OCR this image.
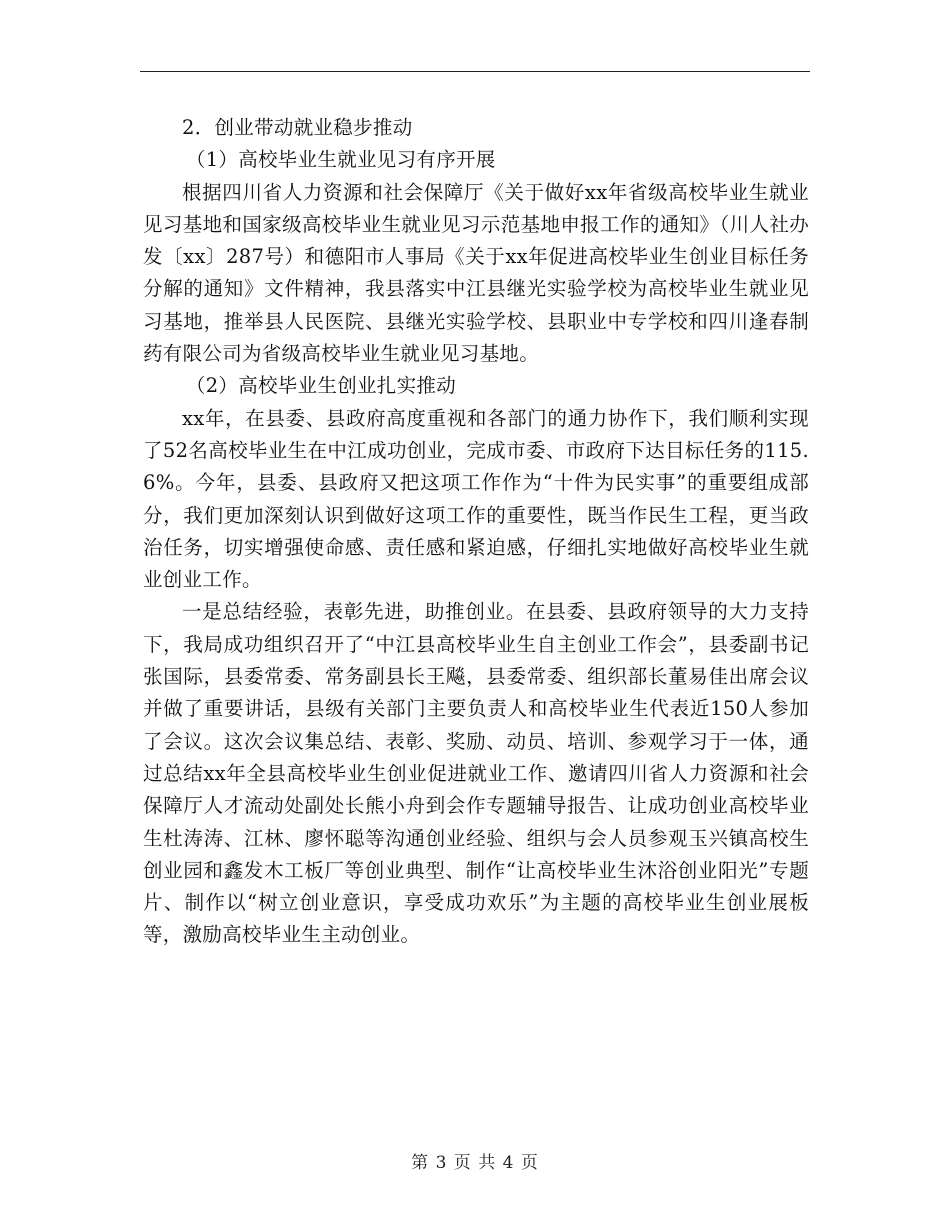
2．创业带动就业稳步推动

（1）高校毕业生就业见习有序开展

根据四川省人力资源和社会保障厅《关于做好xx年省级高校毕业生就业见习基地和国家级高校毕业生就业见习示范基地申报工作的通知》（川人社办发〔xx〕287号）和德阳市人事局《关于xx年促进高校毕业生创业目标任务分解的通知》文件精神，我县落实中江县继光实验学校为高校毕业生就业见习基地，推举县人民医院、县继光实验学校、县职业中专学校和四川逢春制药有限公司为省级高校毕业生就业见习基地。

（2）高校毕业生创业扎实推动

xx年，在县委、县政府高度重视和各部门的通力协作下，我们顺利实现了52名高校毕业生在中江成功创业，完成市委、市政府下达目标任务的115.6%。今年，县委、县政府又把这项工作作为“十件为民实事”的重要组成部分，我们更加深刻认识到做好这项工作的重要性，既当作民生工程，更当政治任务，切实增强使命感、责任感和紧迫感，仔细扎实地做好高校毕业生就业创业工作。

一是总结经验，表彰先进，助推创业。在县委、县政府领导的大力支持下，我局成功组织召开了“中江县高校毕业生自主创业工作会”，县委副书记张国际，县委常委、常务副县长王飚，县委常委、组织部长董易佳出席会议并做了重要讲话，县级有关部门主要负责人和高校毕业生代表近150人参加了会议。这次会议集总结、表彰、奖励、动员、培训、参观学习于一体，通过总结xx年全县高校毕业生创业促进就业工作、邀请四川省人力资源和社会保障厅人才流动处副处长熊小舟到会作专题辅导报告、让成功创业高校毕业生杜涛涛、江林、廖怀聪等沟通创业经验、组织与会人员参观玉兴镇高校生创业园和鑫发木工板厂等创业典型、制作“让高校毕业生沐浴创业阳光”专题片、制作以“树立创业意识，享受成功欢乐”为主题的高校毕业生创业展板等，激励高校毕业生主动创业。

第 3 页 共 4 页
